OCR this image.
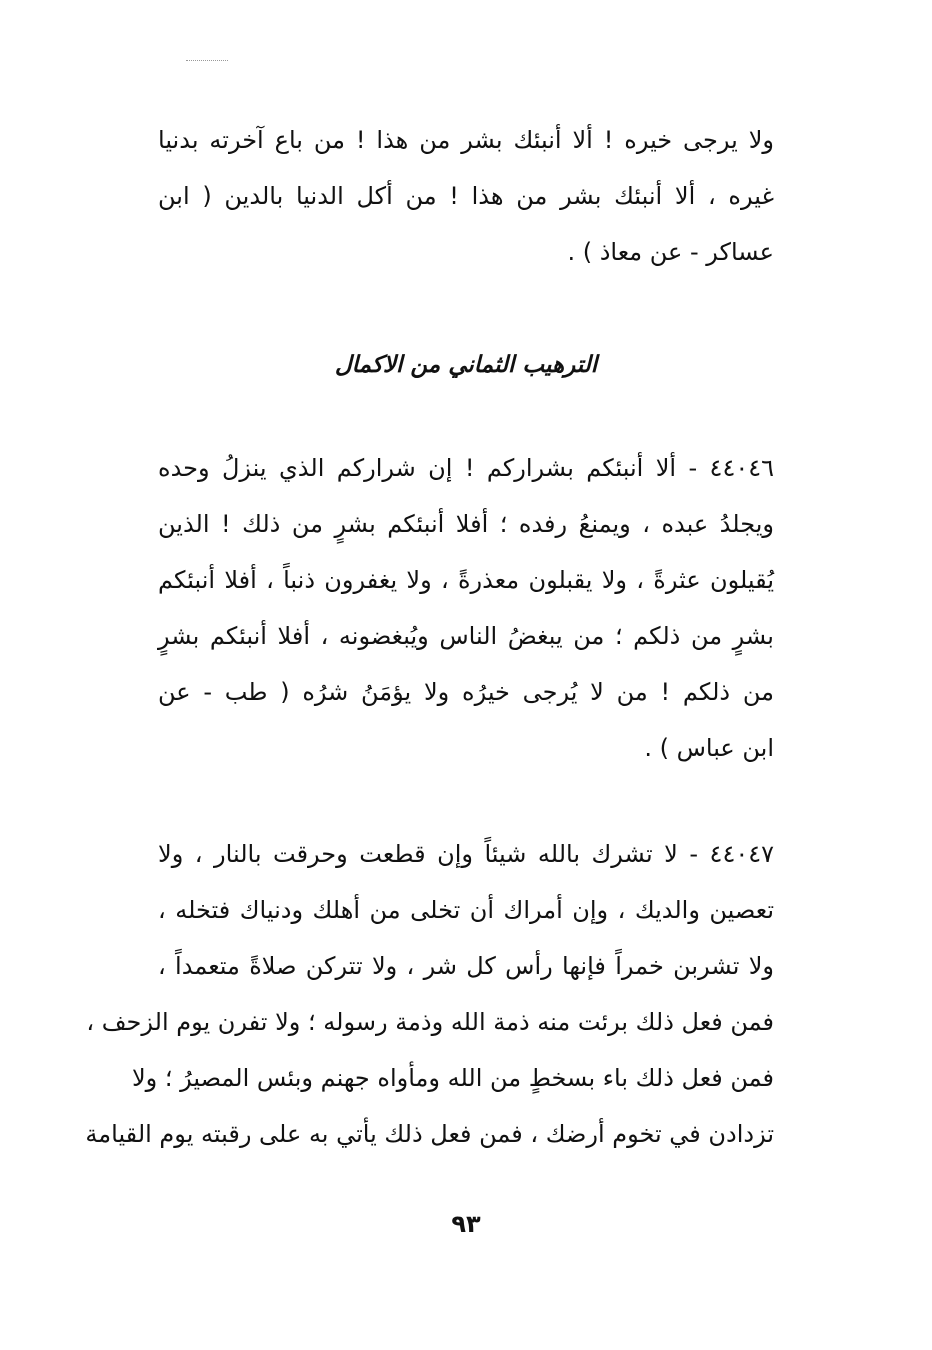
ولا يرجى خيره ! ألا أنبئك بشر من هذا ! من باع آخرته بدنيا
غيره ، ألا أنبئك بشر من هذا ! من أكل الدنيا بالدين ( ابن
عساكر - عن معاذ ) .
الترهيب الثماني من الاكمال
٤٤٠٤٦ - ألا أنبئكم بشراركم ! إن شراركم الذي ينزلُ وحده
ويجلدُ عبده ، ويمنعُ رفده ؛ أفلا أنبئكم بشرٍ من ذلك ! الذين
يُقيلون عثرةً ، ولا يقبلون معذرةً ، ولا يغفرون ذنباً ، أفلا أنبئكم
بشرٍ من ذلكم ؛ من يبغضُ الناس ويُبغضونه ، أفلا أنبئكم بشرٍ
من ذلكم ! من لا يُرجى خيرُه ولا يؤمَنُ شرُه ( طب - عن
ابن عباس ) .
٤٤٠٤٧ - لا تشرك بالله شيئاً وإن قطعت وحرقت بالنار ، ولا
تعصين والديك ، وإن أمراك أن تخلى من أهلك ودنياك فتخله ،
ولا تشربن خمراً فإنها رأس كل شر ، ولا تتركن صلاةً متعمداً ،
فمن فعل ذلك برئت منه ذمة الله وذمة رسوله ؛ ولا تفرن يوم الزحف ،
فمن فعل ذلك باء بسخطٍ من الله ومأواه جهنم وبئس المصيرُ ؛ ولا
تزدادن في تخوم أرضك ، فمن فعل ذلك يأتي به على رقبته يوم القيامة
٩٣
